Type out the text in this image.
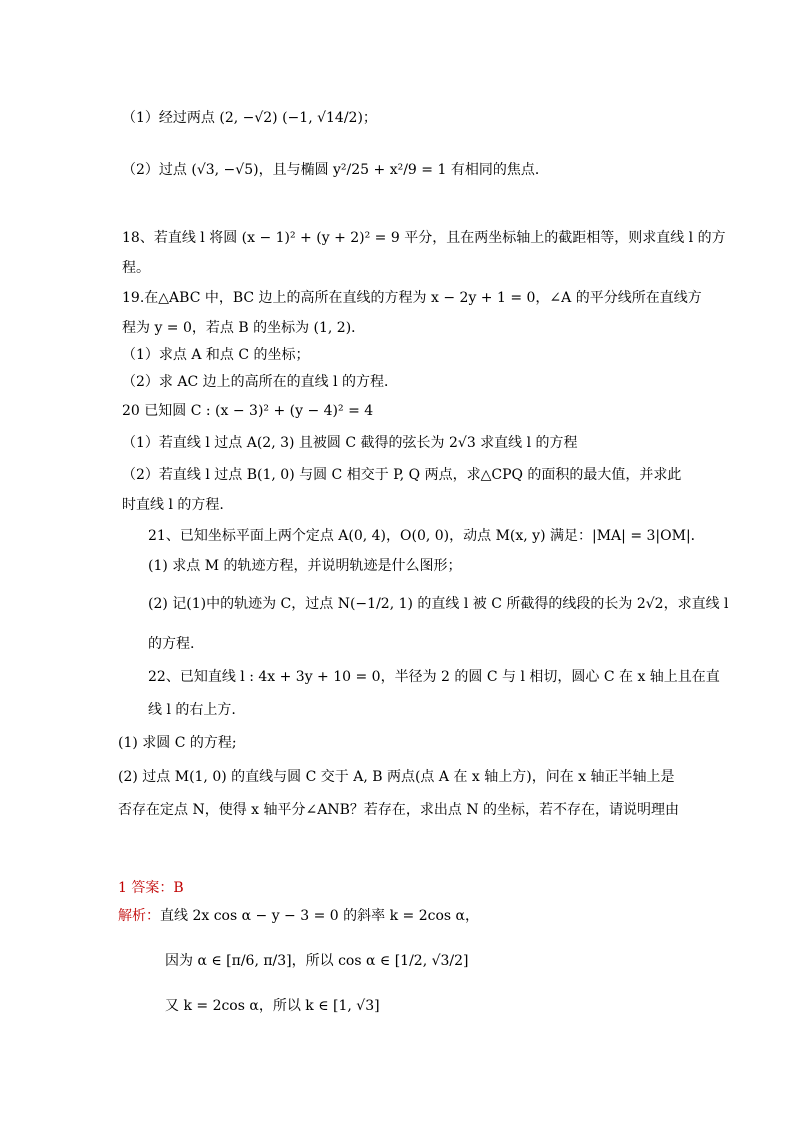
（1）经过两点 (2, −√2) (−1, √14/2)；
（2）过点 (√3, −√5)，且与椭圆 y²/25 + x²/9 = 1 有相同的焦点．
18、若直线 l 将圆 (x − 1)² + (y + 2)² = 9 平分，且在两坐标轴上的截距相等，则求直线 l 的方
程。
19.在△ABC 中，BC 边上的高所在直线的方程为 x − 2y + 1 = 0，∠A 的平分线所在直线方
程为 y = 0，若点 B 的坐标为 (1, 2)．
（1）求点 A 和点 C 的坐标；
（2）求 AC 边上的高所在的直线 l 的方程．
20 已知圆 C : (x − 3)² + (y − 4)² = 4
（1）若直线 l 过点 A(2, 3) 且被圆 C 截得的弦长为 2√3 求直线 l 的方程
（2）若直线 l 过点 B(1, 0) 与圆 C 相交于 P, Q 两点，求△CPQ 的面积的最大值，并求此
时直线 l 的方程.
21、已知坐标平面上两个定点 A(0, 4)，O(0, 0)，动点 M(x, y) 满足：|MA| = 3|OM|．
(1) 求点 M 的轨迹方程，并说明轨迹是什么图形；
(2) 记(1)中的轨迹为 C，过点 N(−1/2, 1) 的直线 l 被 C 所截得的线段的长为 2√2，求直线 l
的方程.
22、已知直线 l : 4x + 3y + 10 = 0，半径为 2 的圆 C 与 l 相切，圆心 C 在 x 轴上且在直
线 l 的右上方.
(1) 求圆 C 的方程;
(2) 过点 M(1, 0) 的直线与圆 C 交于 A, B 两点(点 A 在 x 轴上方)，问在 x 轴正半轴上是
否存在定点 N，使得 x 轴平分∠ANB？若存在，求出点 N 的坐标，若不存在，请说明理由
1 答案：B
解析：直线 2x cos α − y − 3 = 0 的斜率 k = 2cos α，
因为 α ∈ [π/6, π/3]，所以 cos α ∈ [1/2, √3/2]
又 k = 2cos α，所以 k ∈ [1, √3]
